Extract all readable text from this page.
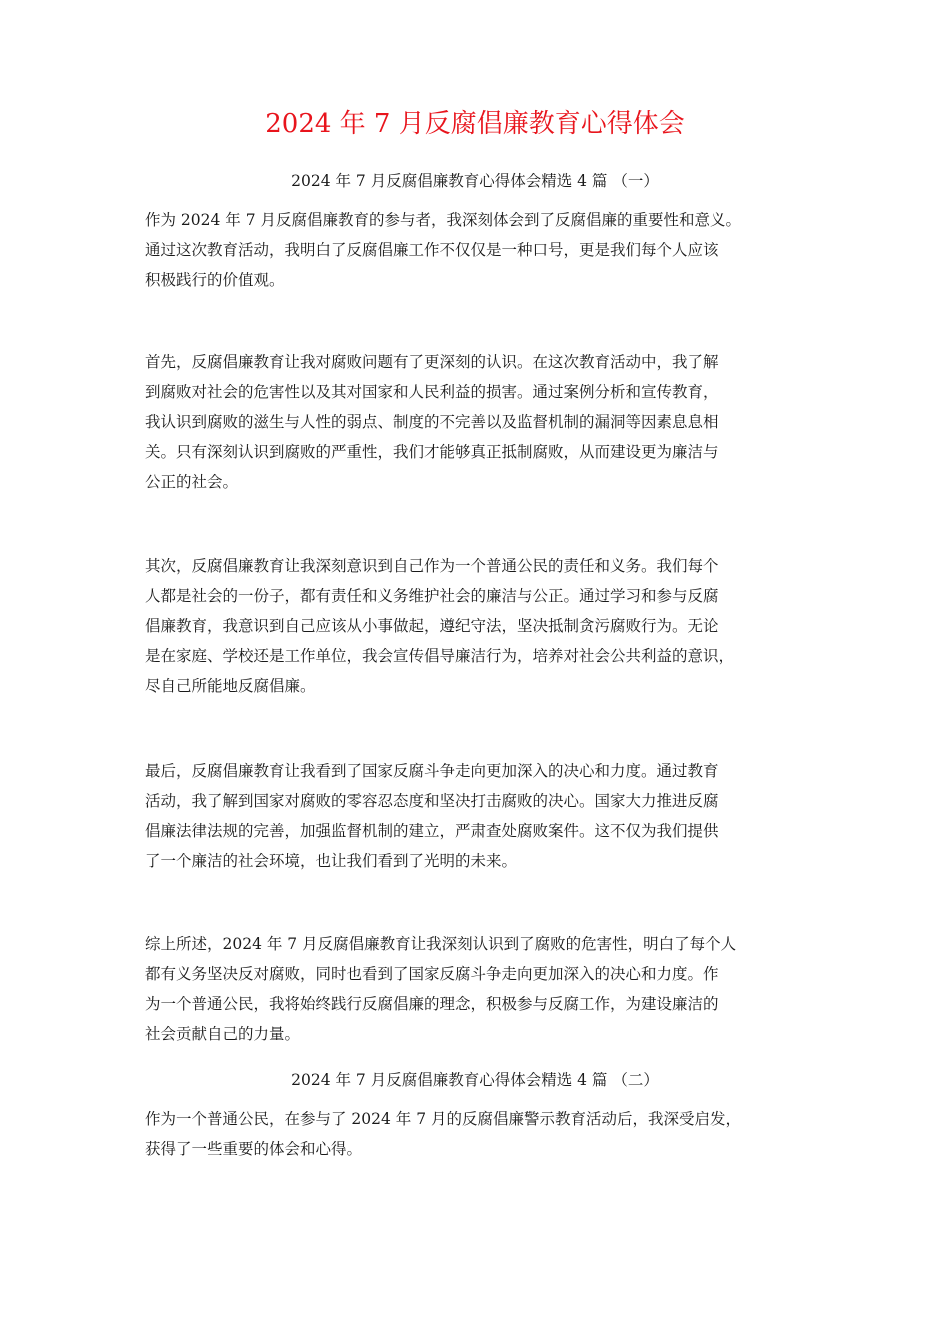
2024 年 7 月反腐倡廉教育心得体会
2024 年 7 月反腐倡廉教育心得体会精选 4 篇 （一）
作为 2024 年 7 月反腐倡廉教育的参与者，我深刻体会到了反腐倡廉的重要性和意义。
通过这次教育活动，我明白了反腐倡廉工作不仅仅是一种口号，更是我们每个人应该
积极践行的价值观。
首先，反腐倡廉教育让我对腐败问题有了更深刻的认识。在这次教育活动中，我了解
到腐败对社会的危害性以及其对国家和人民利益的损害。通过案例分析和宣传教育，
我认识到腐败的滋生与人性的弱点、制度的不完善以及监督机制的漏洞等因素息息相
关。只有深刻认识到腐败的严重性，我们才能够真正抵制腐败，从而建设更为廉洁与
公正的社会。
其次，反腐倡廉教育让我深刻意识到自己作为一个普通公民的责任和义务。我们每个
人都是社会的一份子，都有责任和义务维护社会的廉洁与公正。通过学习和参与反腐
倡廉教育，我意识到自己应该从小事做起，遵纪守法，坚决抵制贪污腐败行为。无论
是在家庭、学校还是工作单位，我会宣传倡导廉洁行为，培养对社会公共利益的意识，
尽自己所能地反腐倡廉。
最后，反腐倡廉教育让我看到了国家反腐斗争走向更加深入的决心和力度。通过教育
活动，我了解到国家对腐败的零容忍态度和坚决打击腐败的决心。国家大力推进反腐
倡廉法律法规的完善，加强监督机制的建立，严肃查处腐败案件。这不仅为我们提供
了一个廉洁的社会环境，也让我们看到了光明的未来。
综上所述，2024 年 7 月反腐倡廉教育让我深刻认识到了腐败的危害性，明白了每个人
都有义务坚决反对腐败，同时也看到了国家反腐斗争走向更加深入的决心和力度。作
为一个普通公民，我将始终践行反腐倡廉的理念，积极参与反腐工作，为建设廉洁的
社会贡献自己的力量。
2024 年 7 月反腐倡廉教育心得体会精选 4 篇 （二）
作为一个普通公民，在参与了 2024 年 7 月的反腐倡廉警示教育活动后，我深受启发，
获得了一些重要的体会和心得。
